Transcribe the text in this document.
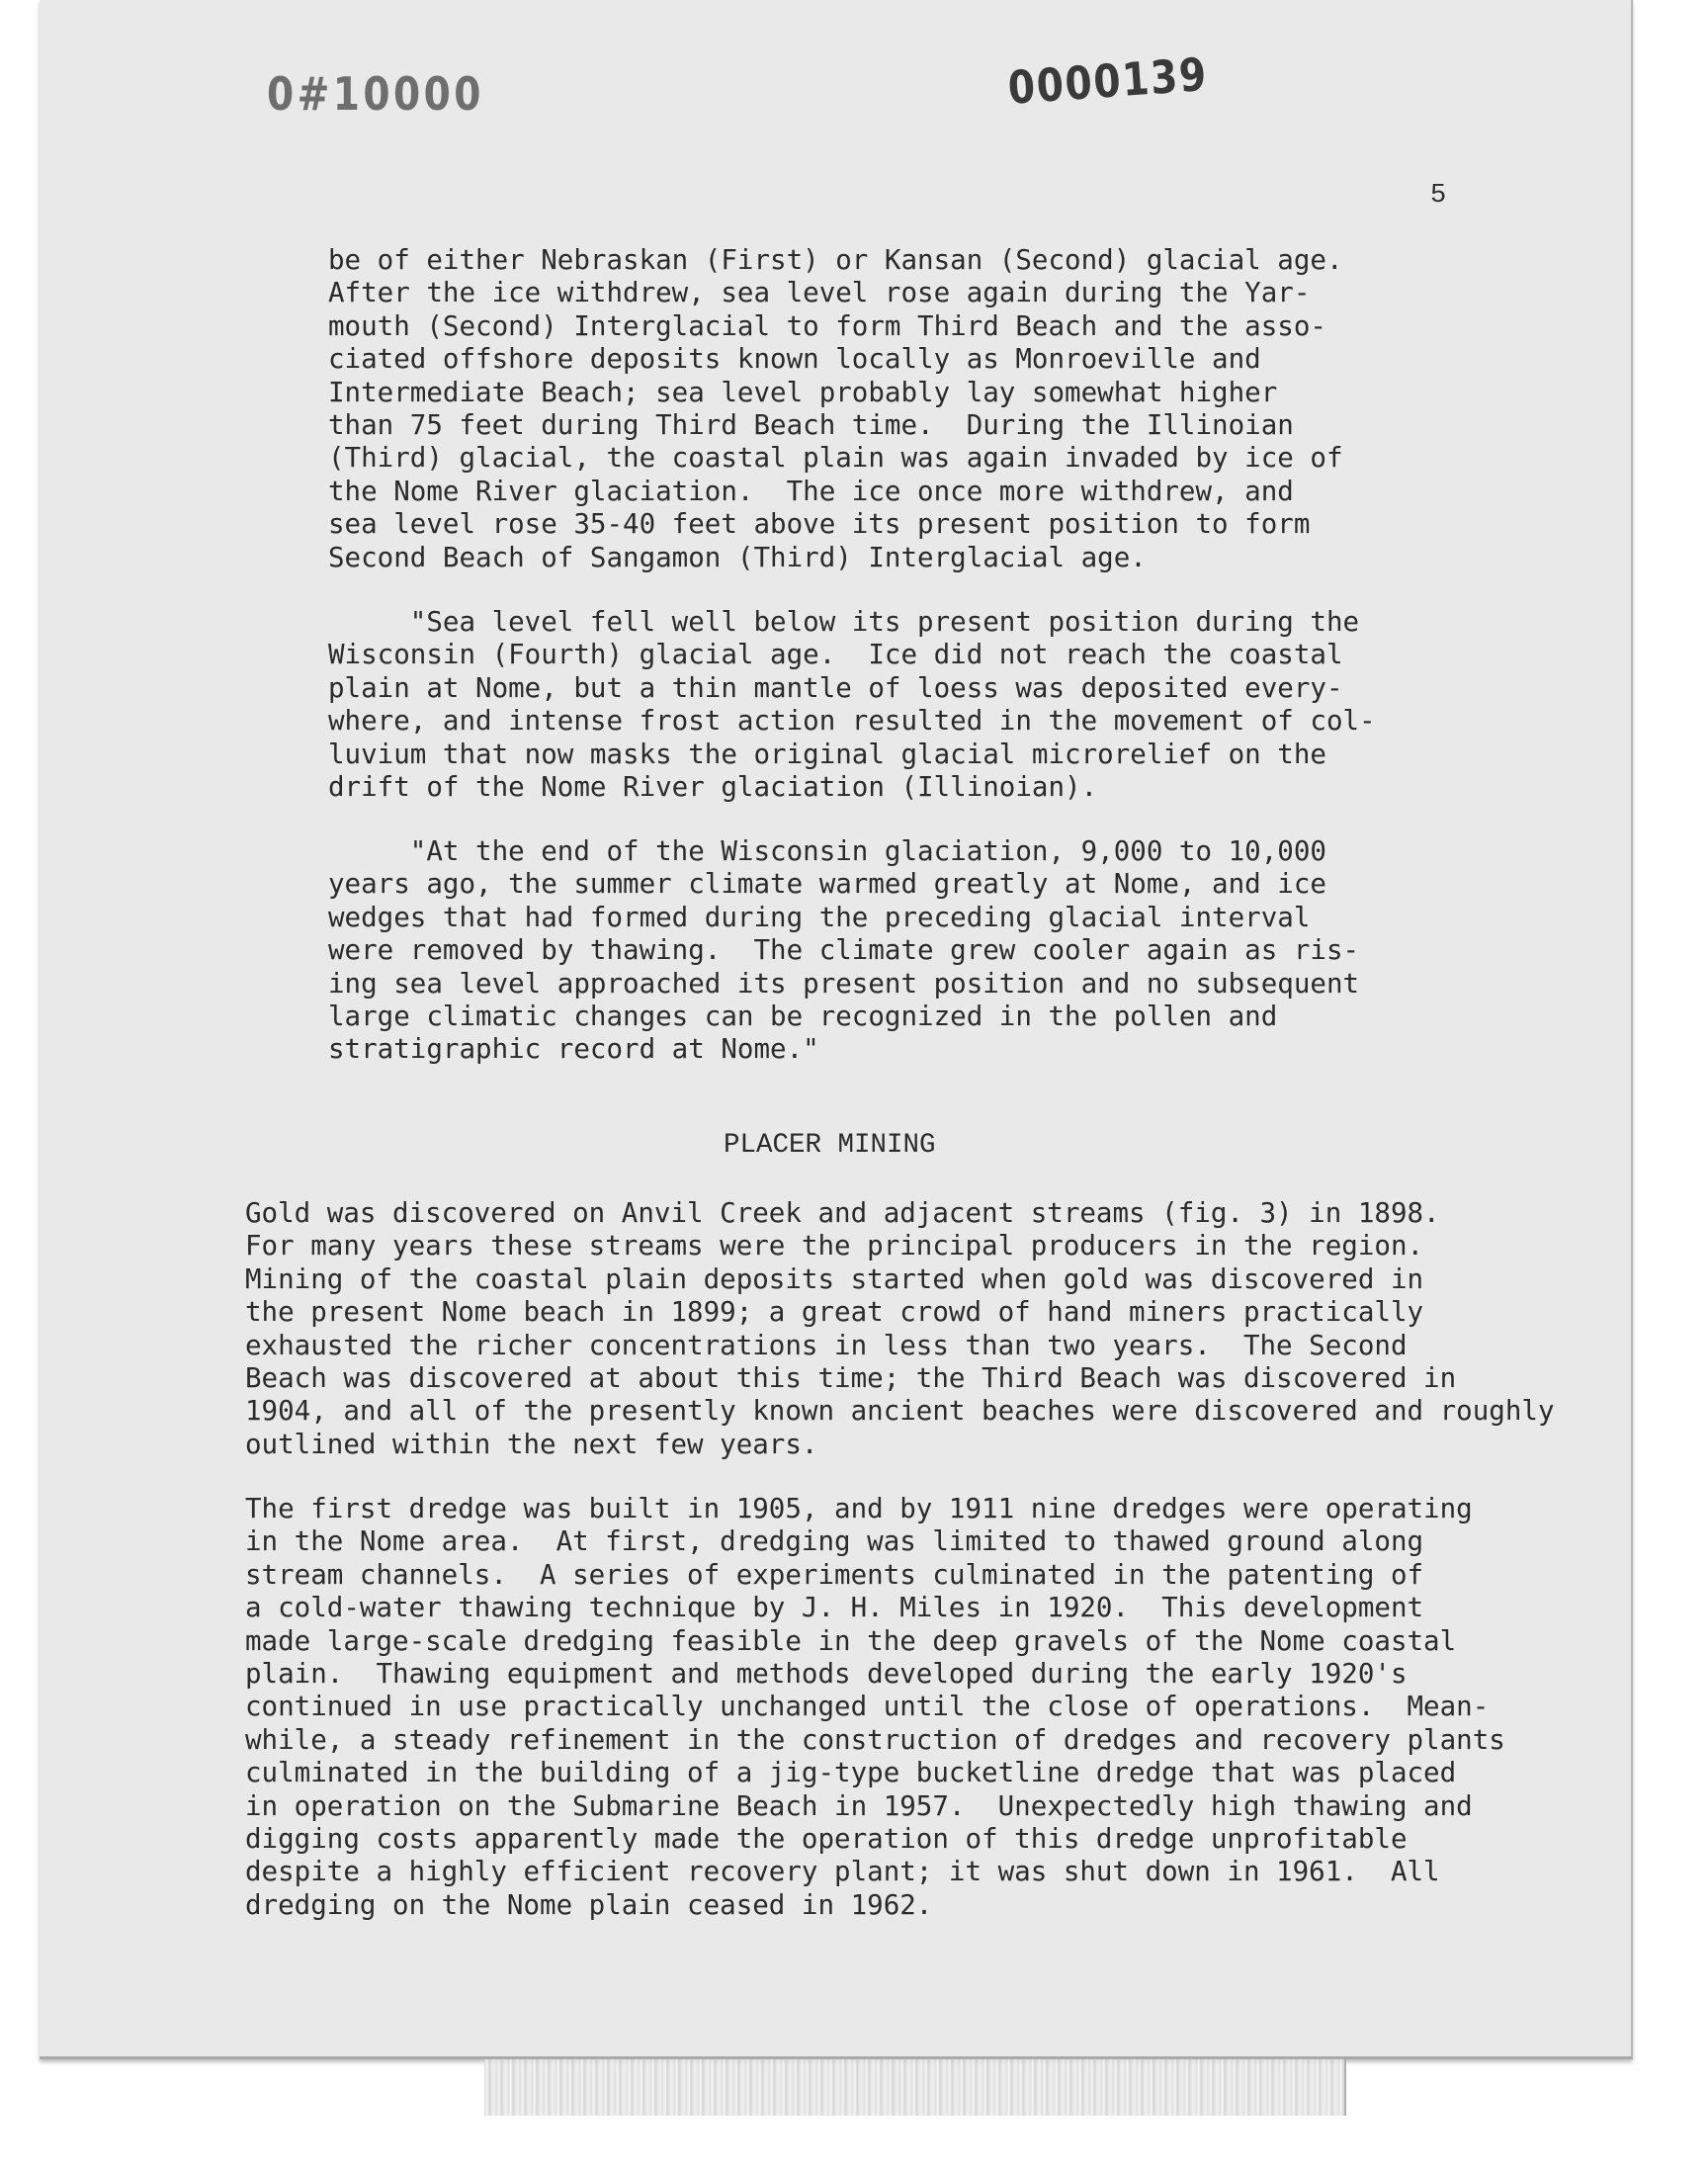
0#10000	0000139
5
be of either Nebraskan (First) or Kansan (Second) glacial age.
After the ice withdrew, sea level rose again during the Yar-
mouth (Second) Interglacial to form Third Beach and the asso-
ciated offshore deposits known locally as Monroeville and
Intermediate Beach; sea level probably lay somewhat higher
than 75 feet during Third Beach time.  During the Illinoian
(Third) glacial, the coastal plain was again invaded by ice of
the Nome River glaciation.  The ice once more withdrew, and
sea level rose 35-40 feet above its present position to form
Second Beach of Sangamon (Third) Interglacial age.
"Sea level fell well below its present position during the
Wisconsin (Fourth) glacial age.  Ice did not reach the coastal
plain at Nome, but a thin mantle of loess was deposited every-
where, and intense frost action resulted in the movement of col-
luvium that now masks the original glacial microrelief on the
drift of the Nome River glaciation (Illinoian).
"At the end of the Wisconsin glaciation, 9,000 to 10,000
years ago, the summer climate warmed greatly at Nome, and ice
wedges that had formed during the preceding glacial interval
were removed by thawing.  The climate grew cooler again as ris-
ing sea level approached its present position and no subsequent
large climatic changes can be recognized in the pollen and
stratigraphic record at Nome."
PLACER MINING
Gold was discovered on Anvil Creek and adjacent streams (fig. 3) in 1898.
For many years these streams were the principal producers in the region.
Mining of the coastal plain deposits started when gold was discovered in
the present Nome beach in 1899; a great crowd of hand miners practically
exhausted the richer concentrations in less than two years.  The Second
Beach was discovered at about this time; the Third Beach was discovered in
1904, and all of the presently known ancient beaches were discovered and roughly
outlined within the next few years.
The first dredge was built in 1905, and by 1911 nine dredges were operating
in the Nome area.  At first, dredging was limited to thawed ground along
stream channels.  A series of experiments culminated in the patenting of
a cold-water thawing technique by J. H. Miles in 1920.  This development
made large-scale dredging feasible in the deep gravels of the Nome coastal
plain.  Thawing equipment and methods developed during the early 1920's
continued in use practically unchanged until the close of operations.  Mean-
while, a steady refinement in the construction of dredges and recovery plants
culminated in the building of a jig-type bucketline dredge that was placed
in operation on the Submarine Beach in 1957.  Unexpectedly high thawing and
digging costs apparently made the operation of this dredge unprofitable
despite a highly efficient recovery plant; it was shut down in 1961.  All
dredging on the Nome plain ceased in 1962.
